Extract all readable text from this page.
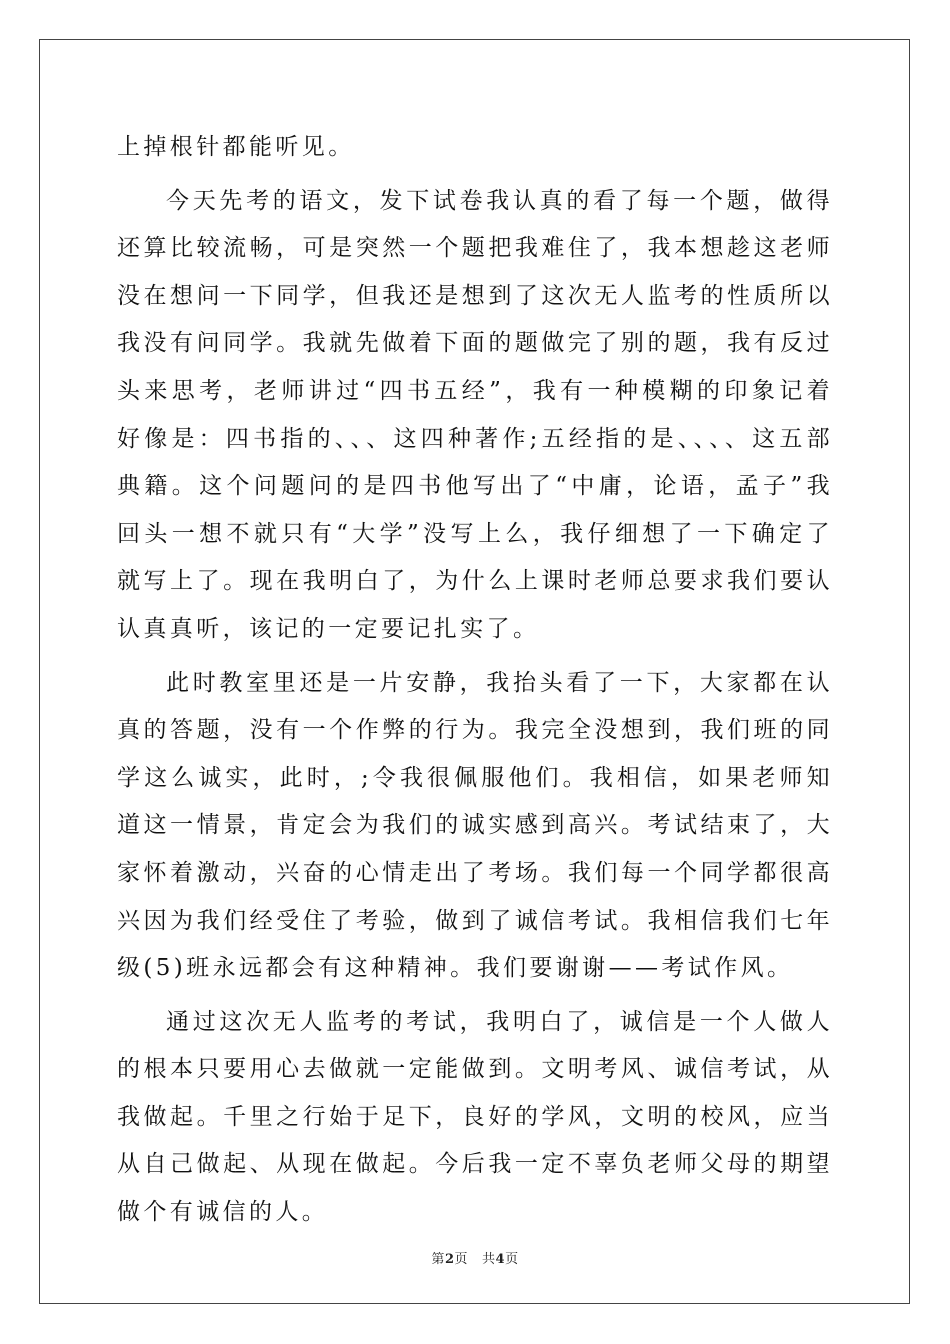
上掉根针都能听见。

今天先考的语文，发下试卷我认真的看了每一个题，做得还算比较流畅，可是突然一个题把我难住了，我本想趁这老师没在想问一下同学，但我还是想到了这次无人监考的性质所以我没有问同学。我就先做着下面的题做完了别的题，我有反过头来思考，老师讲过“四书五经”，我有一种模糊的印象记着好像是：四书指的、、、这四种著作;五经指的是、、、、这五部典籍。这个问题问的是四书他写出了“中庸，论语，孟子”我回头一想不就只有“大学”没写上么，我仔细想了一下确定了就写上了。现在我明白了，为什么上课时老师总要求我们要认认真真听，该记的一定要记扎实了。

此时教室里还是一片安静，我抬头看了一下，大家都在认真的答题，没有一个作弊的行为。我完全没想到，我们班的同学这么诚实，此时，;令我很佩服他们。我相信，如果老师知道这一情景，肯定会为我们的诚实感到高兴。考试结束了，大家怀着激动，兴奋的心情走出了考场。我们每一个同学都很高兴因为我们经受住了考验，做到了诚信考试。我相信我们七年级(5)班永远都会有这种精神。我们要谢谢——考试作风。

通过这次无人监考的考试，我明白了，诚信是一个人做人的根本只要用心去做就一定能做到。文明考风、诚信考试，从我做起。千里之行始于足下，良好的学风，文明的校风，应当从自己做起、从现在做起。今后我一定不辜负老师父母的期望做个有诚信的人。

第2页 共4页
